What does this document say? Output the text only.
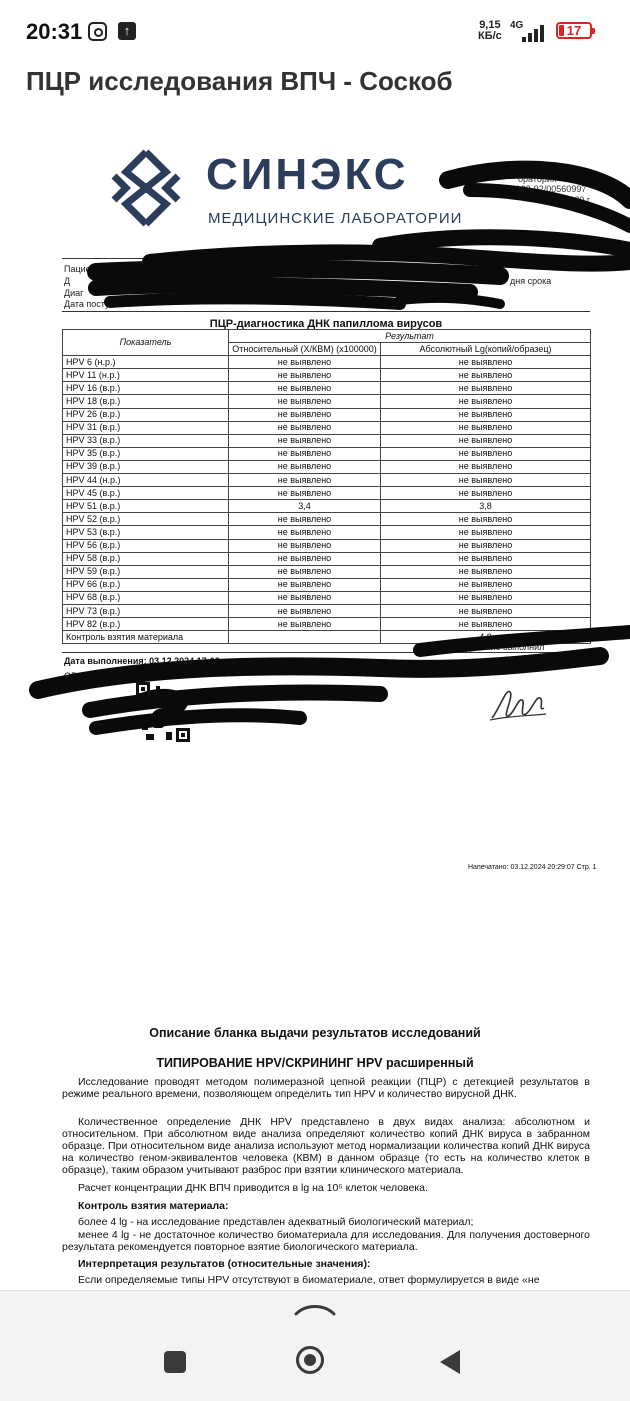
20:31	↑	9,15
КБ/с
4G	17
ПЦР исследования ВПЧ - Соскоб
СИНЭКС
МЕДИЦИНСКИЕ ЛАБОРАТОРИИ
оратория "СИНЭКС"
Л 041-01138-92/00560997
11.12.2020 г.
Пациент: ПОП
Д
Диаг
Дата посту
дня срока
Ф.И.О
ПЦР-диагностика ДНК папиллома вирусов
Показатель	Результат	
	Относительный (Х/КВМ) (х100000)	Абсолютный Lg(копий/образец)
HPV 6 (н.р.)	не выявлено	не выявлено
HPV 11 (н.р.)	не выявлено	не выявлено
HPV 16 (в.р.)	не выявлено	не выявлено
HPV 18 (в.р.)	не выявлено	не выявлено
HPV 26 (в.р.)	не выявлено	не выявлено
HPV 31 (в.р.)	не выявлено	не выявлено
HPV 33 (в.р.)	не выявлено	не выявлено
HPV 35 (в.р.)	не выявлено	не выявлено
HPV 39 (в.р.)	не выявлено	не выявлено
HPV 44 (н.р.)	не выявлено	не выявлено
HPV 45 (в.р.)	не выявлено	не выявлено
HPV 51 (в.р.)	3,4	3,8
HPV 52 (в.р.)	не выявлено	не выявлено
HPV 53 (в.р.)	не выявлено	не выявлено
HPV 56 (в.р.)	не выявлено	не выявлено
HPV 58 (в.р.)	не выявлено	не выявлено
HPV 59 (в.р.)	не выявлено	не выявлено
HPV 66 (в.р.)	не выявлено	не выявлено
HPV 68 (в.р.)	не выявлено	не выявлено
HPV 73 (в.р.)	не выявлено	не выявлено
HPV 82 (в.р.)	не выявлено	не выявлено
Контроль взятия материала		4,8
Исследование выполнил
Дата выполнения: 03.12.2024 17:02	Шахмурзаева М
QR-код
Напечатано: 03.12.2024 20:29:07 Стр. 1
Описание бланка выдачи результатов исследований
ТИПИРОВАНИЕ HPV/СКРИНИНГ HPV расширенный
Исследование проводят методом полимеразной цепной реакции (ПЦР) с детекцией результатов в режиме реального времени, позволяющем определить тип HPV и количество вирусной ДНК.
Количественное определение ДНК HPV представлено в двух видах анализа: абсолютном и относительном. При абсолютном виде анализа определяют количество копий ДНК вируса в забранном образце. При относительном виде анализа используют метод нормализации количества копий ДНК вируса на количество геном-эквивалентов человека (КВМ) в данном образце (то есть на количество клеток в образце), таким образом учитывают разброс при взятии клинического материала.
Расчет концентрации ДНК ВПЧ приводится в lg на 10⁵ клеток человека.
Контроль взятия материала:
более 4 lg - на исследование представлен адекватный биологический материал;
менее 4 lg - не достаточное количество биоматериала для исследования. Для получения достоверного результата рекомендуется повторное взятие биологического материала.
Интерпретация результатов (относительные значения):
Если определяемые типы HPV отсутствуют в биоматериале, ответ формулируется в виде «не
